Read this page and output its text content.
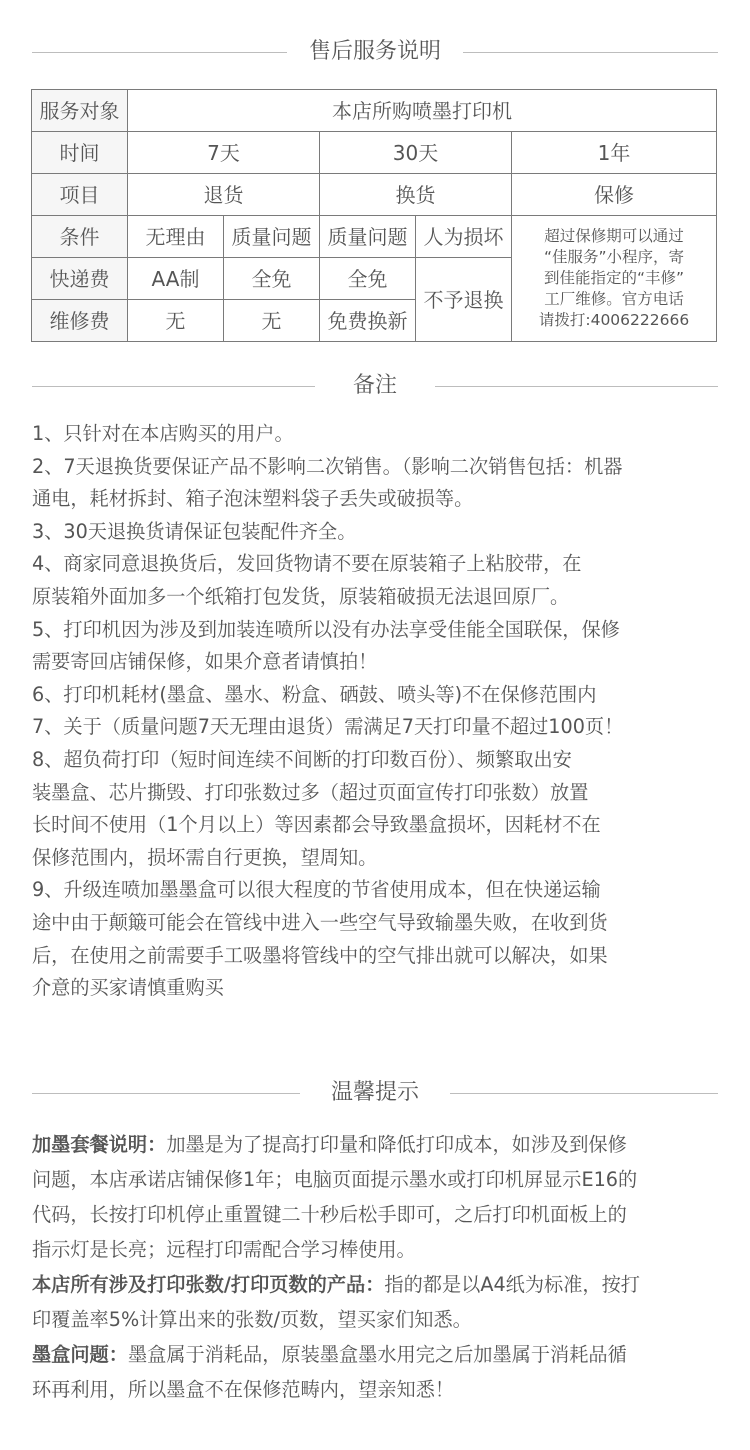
售后服务说明
服务对象	本店所购喷墨打印机				
时间	7天		30天		1年
项目	退货		换货		保修
条件	无理由	质量问题	质量问题	人为损坏	超过保修期可以通过
“佳服务”小程序，寄
到佳能指定的“丰修”
工厂维修。官方电话
请拨打:4006222666

快递费	AA制	全免	全免	不予退换	
维修费	无	无	免费换新		
备注

1、只针对在本店购买的用户。

2、7天退换货要保证产品不影响二次销售。（影响二次销售包括：机器

通电，耗材拆封、箱子泡沫塑料袋子丢失或破损等。

3、30天退换货请保证包装配件齐全。

4、商家同意退换货后，发回货物请不要在原装箱子上粘胶带，在

原装箱外面加多一个纸箱打包发货，原装箱破损无法退回原厂。

5、打印机因为涉及到加装连喷所以没有办法享受佳能全国联保，保修

需要寄回店铺保修，如果介意者请慎拍！

6、打印机耗材(墨盒、墨水、粉盒、硒鼓、喷头等)不在保修范围内

7、关于（质量问题7天无理由退货）需满足7天打印量不超过100页！

8、超负荷打印（短时间连续不间断的打印数百份）、频繁取出安

装墨盒、芯片撕毁、打印张数过多（超过页面宣传打印张数）放置

长时间不使用（1个月以上）等因素都会导致墨盒损坏，因耗材不在

保修范围内，损坏需自行更换，望周知。

9、升级连喷加墨墨盒可以很大程度的节省使用成本，但在快递运输

途中由于颠簸可能会在管线中进入一些空气导致输墨失败，在收到货

后，在使用之前需要手工吸墨将管线中的空气排出就可以解决，如果

介意的买家请慎重购买

温馨提示

加墨套餐说明：加墨是为了提高打印量和降低打印成本，如涉及到保修

问题，本店承诺店铺保修1年；电脑页面提示墨水或打印机屏显示E16的

代码，长按打印机停止重置键二十秒后松手即可，之后打印机面板上的

指示灯是长亮；远程打印需配合学习棒使用。

本店所有涉及打印张数/打印页数的产品：指的都是以A4纸为标准，按打

印覆盖率5%计算出来的张数/页数，望买家们知悉。

墨盒问题：墨盒属于消耗品，原装墨盒墨水用完之后加墨属于消耗品循

环再利用，所以墨盒不在保修范畴内，望亲知悉！
